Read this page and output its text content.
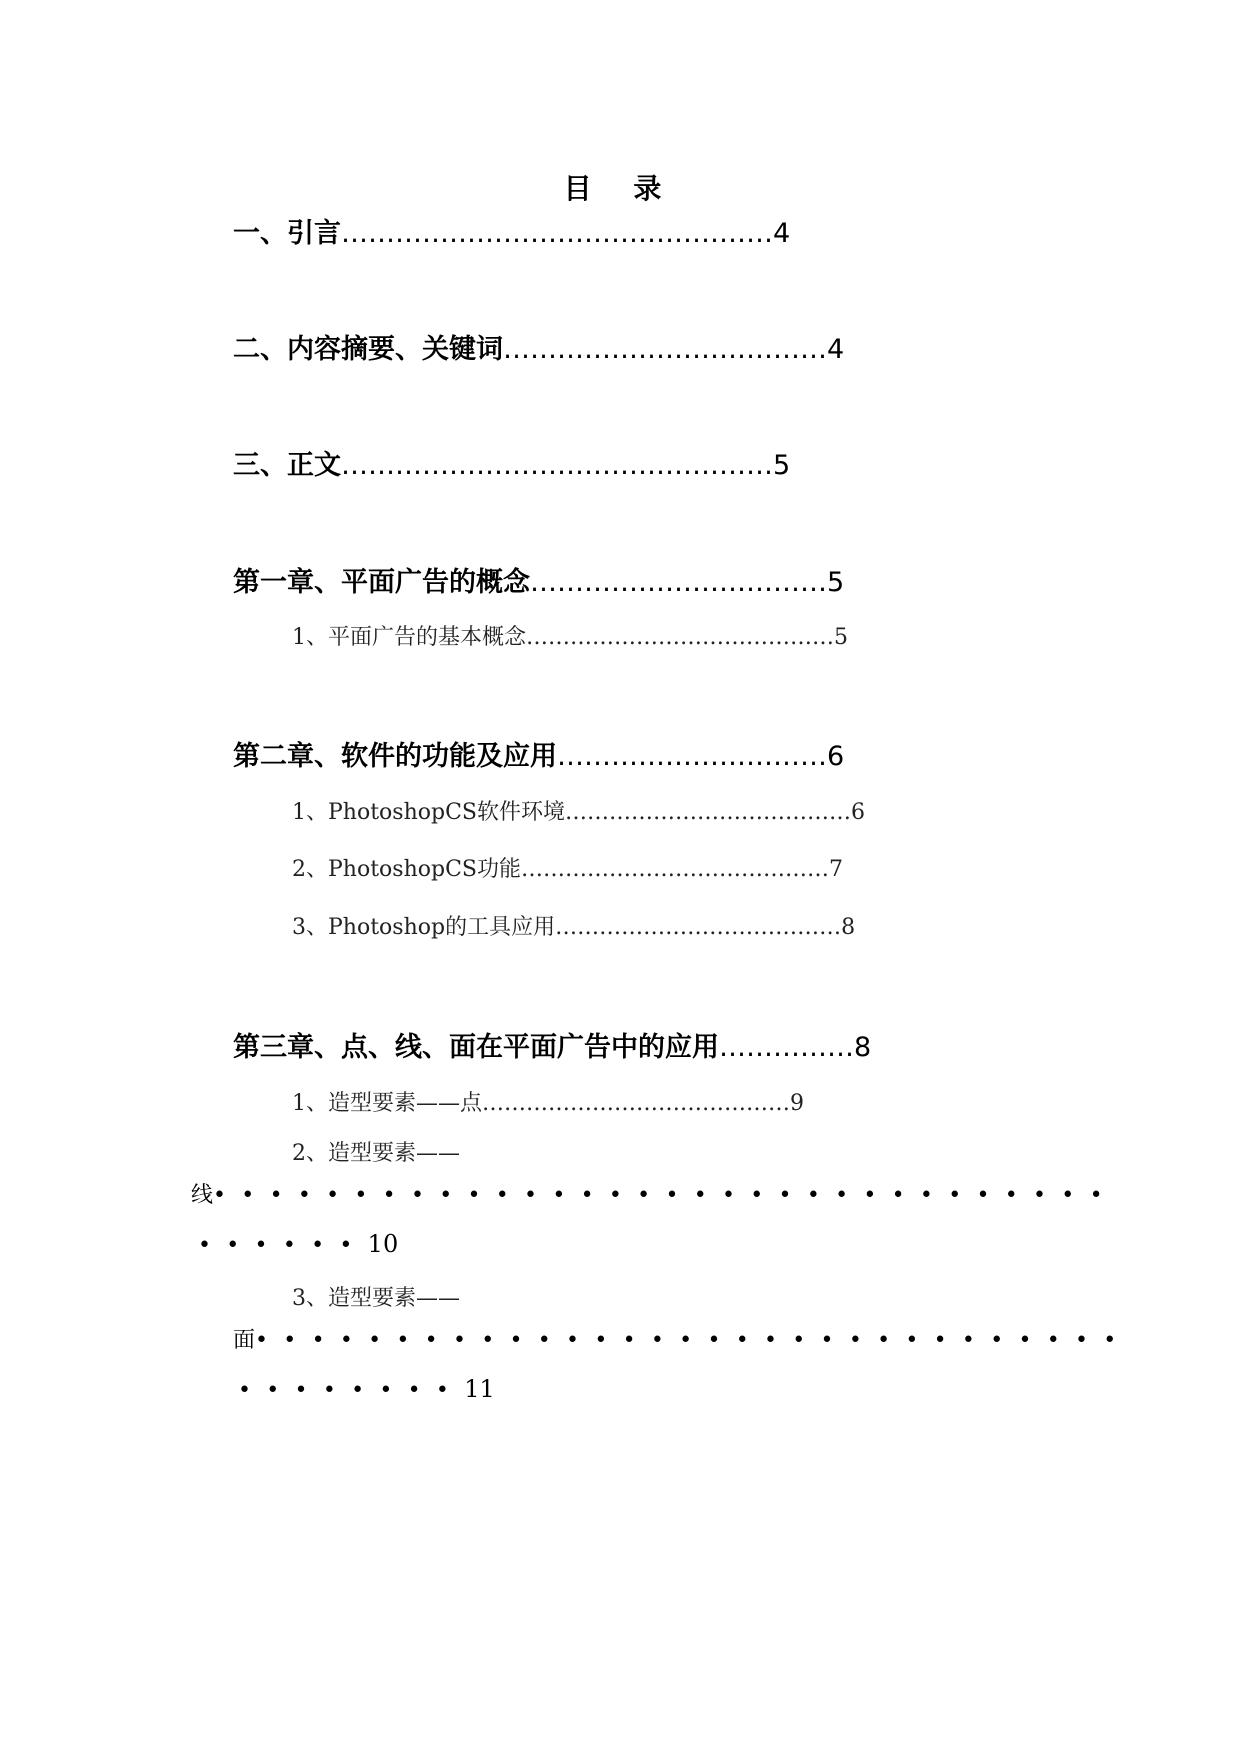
目 录
一、引言…………………………………………4
二、内容摘要、关键词………………………………4
三、正文…………………………………………5
第一章、平面广告的概念……………………………5
1、平面广告的基本概念……………………………………5
第二章、软件的功能及应用…………………………6
1、PhotoshopCS软件环境…………………………………6
2、PhotoshopCS功能……………………………………7
3、Photoshop的工具应用…………………………………8
第三章、点、线、面在平面广告中的应用……………8
1、造型要素——点……………………………………9
2、造型要素——
线••••••••••••••••••••••••••••••••
••••••10
3、造型要素——
面•••••••••••••••••••••••••••••••
••••••••11
